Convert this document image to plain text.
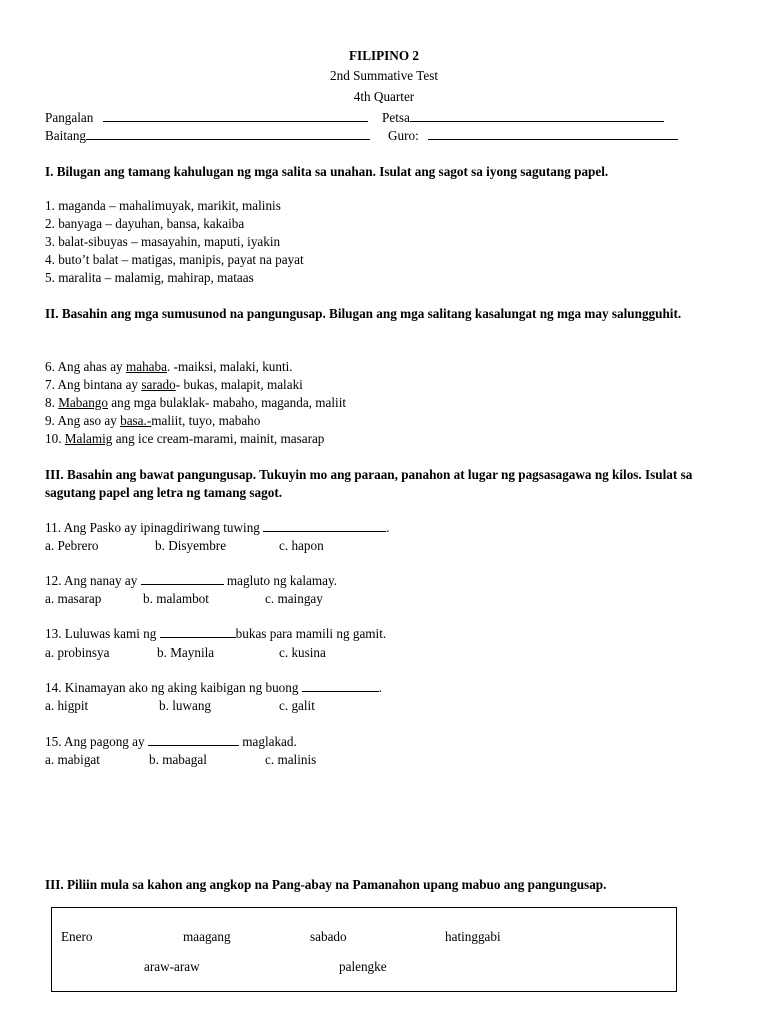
FILIPINO 2
2nd Summative Test
4th Quarter
Pangalan	Petsa
Baitang	Guro:
I. Bilugan ang tamang kahulugan ng mga salita sa unahan. Isulat ang sagot sa iyong sagutang papel.
1. maganda – mahalimuyak, marikit, malinis
2. banyaga – dayuhan, bansa, kakaiba
3. balat-sibuyas – masayahin, maputi, iyakin
4. buto’t balat – matigas, manipis, payat na payat
5. maralita – malamig, mahirap, mataas
II. Basahin ang mga sumusunod na pangungusap. Bilugan ang mga salitang kasalungat ng mga may salungguhit.
6. Ang ahas ay mahaba. -maiksi, malaki, kunti.
7. Ang bintana ay sarado- bukas, malapit, malaki
8. Mabango ang mga bulaklak- mabaho, maganda, maliit
9. Ang aso ay basa.-maliit, tuyo, mabaho
10. Malamig ang ice cream-marami, mainit, masarap
III. Basahin ang bawat pangungusap. Tukuyin mo ang paraan, panahon at lugar ng pagsasagawa ng kilos. Isulat sa sagutang papel ang letra ng tamang sagot.
11. Ang Pasko ay ipinagdiriwang tuwing	.
a. Pebrero	b. Disyembre	c. hapon
12. Ang nanay ay	magluto ng kalamay.
a. masarap	b. malambot	c. maingay
13. Luluwas kami ng	bukas para mamili ng gamit.
a. probinsya	b. Maynila	c. kusina
14. Kinamayan ako ng aking kaibigan ng buong	.
a. higpit	b. luwang	c. galit
15. Ang pagong ay	maglakad.
a. mabigat	b. mabagal	c. malinis
III. Piliin mula sa kahon ang angkop na Pang-abay na Pamanahon upang mabuo ang pangungusap.
Enero	maagang	sabado	hatinggabi
araw-araw	palengke
